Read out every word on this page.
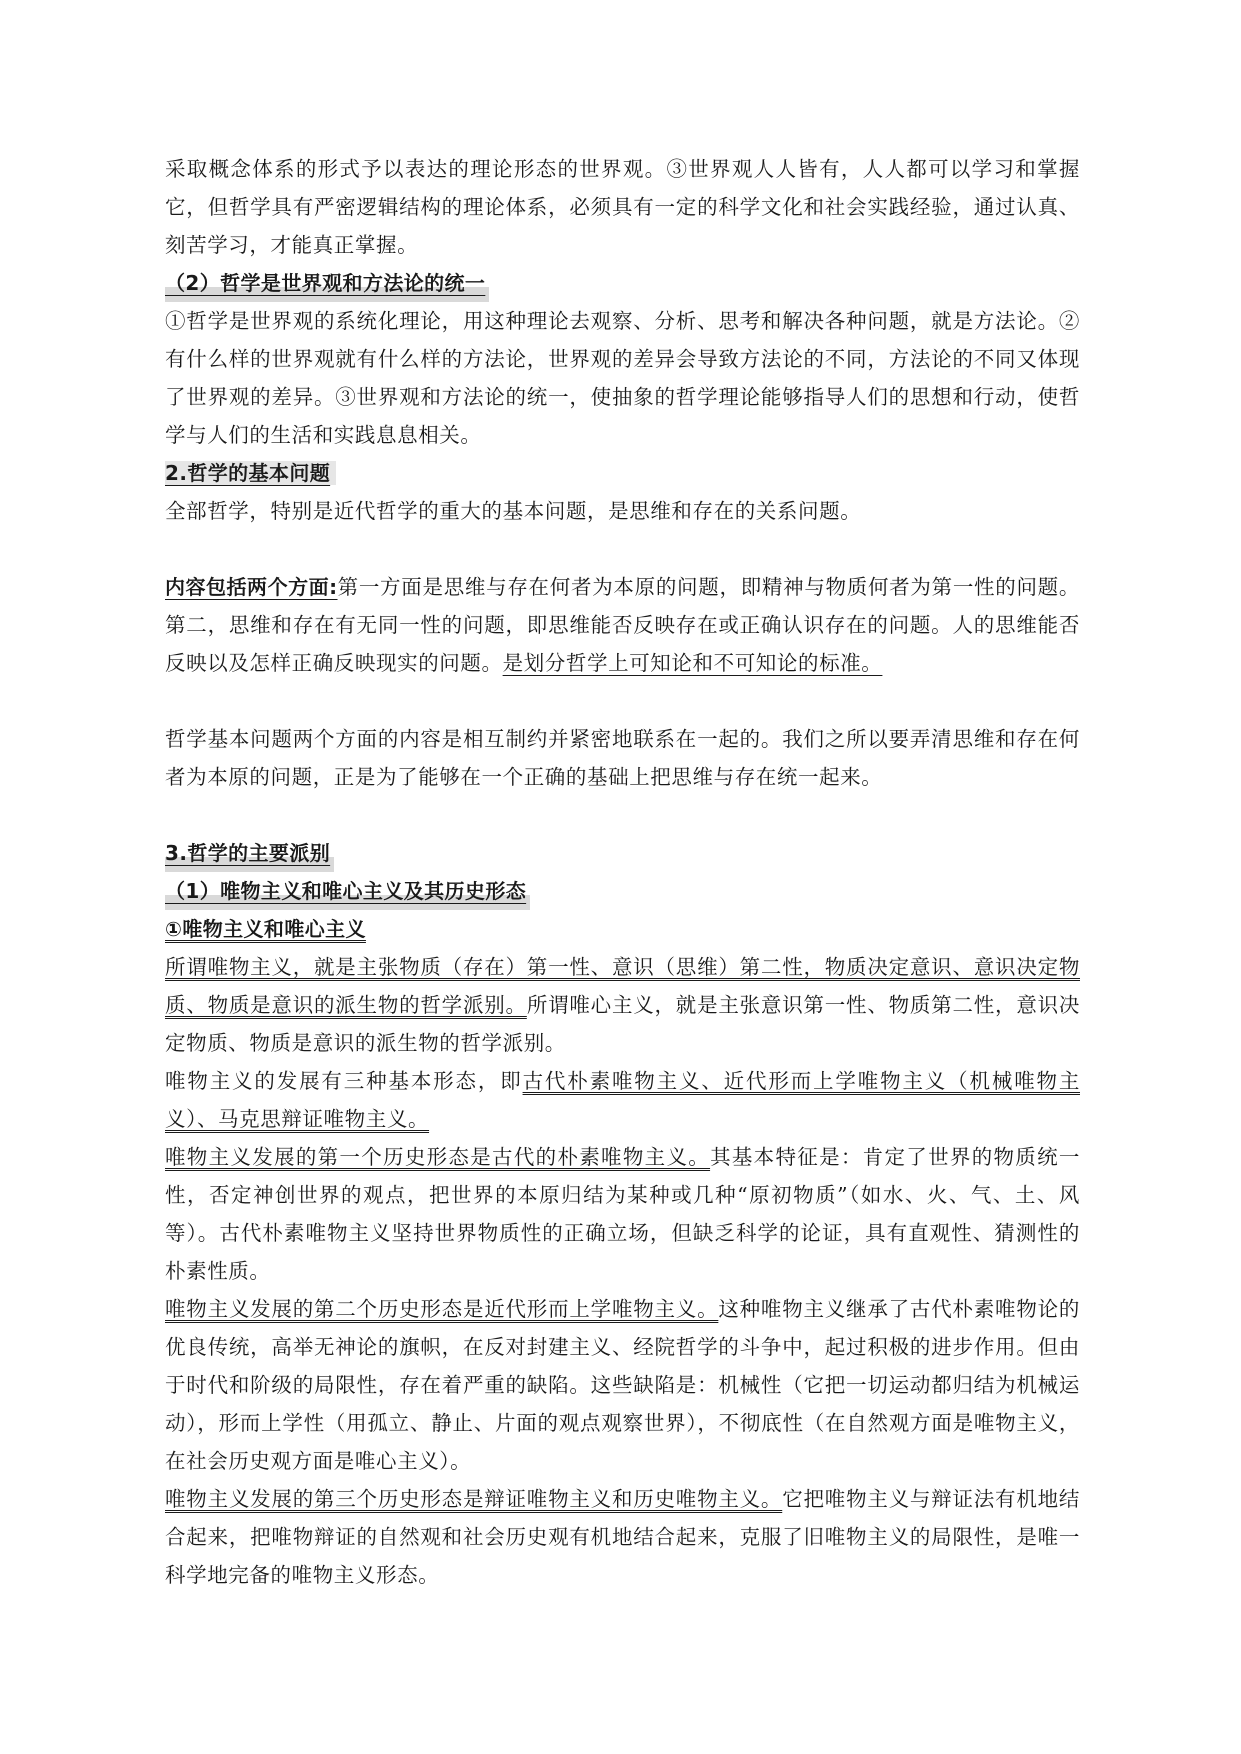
采取概念体系的形式予以表达的理论形态的世界观。③世界观人人皆有，人人都可以学习和掌握它，但哲学具有严密逻辑结构的理论体系，必须具有一定的科学文化和社会实践经验，通过认真、刻苦学习，才能真正掌握。

（2）哲学是世界观和方法论的统一

①哲学是世界观的系统化理论，用这种理论去观察、分析、思考和解决各种问题，就是方法论。②有什么样的世界观就有什么样的方法论，世界观的差异会导致方法论的不同，方法论的不同又体现了世界观的差异。③世界观和方法论的统一，使抽象的哲学理论能够指导人们的思想和行动，使哲学与人们的生活和实践息息相关。

2.哲学的基本问题

全部哲学，特别是近代哲学的重大的基本问题，是思维和存在的关系问题。

内容包括两个方面:第一方面是思维与存在何者为本原的问题，即精神与物质何者为第一性的问题。第二，思维和存在有无同一性的问题，即思维能否反映存在或正确认识存在的问题。人的思维能否反映以及怎样正确反映现实的问题。是划分哲学上可知论和不可知论的标准。

哲学基本问题两个方面的内容是相互制约并紧密地联系在一起的。我们之所以要弄清思维和存在何者为本原的问题，正是为了能够在一个正确的基础上把思维与存在统一起来。

3.哲学的主要派别

（1）唯物主义和唯心主义及其历史形态

①唯物主义和唯心主义

所谓唯物主义，就是主张物质（存在）第一性、意识（思维）第二性，物质决定意识、意识决定物质、物质是意识的派生物的哲学派别。所谓唯心主义，就是主张意识第一性、物质第二性，意识决定物质、物质是意识的派生物的哲学派别。

唯物主义的发展有三种基本形态，即古代朴素唯物主义、近代形而上学唯物主义（机械唯物主义）、马克思辩证唯物主义。

唯物主义发展的第一个历史形态是古代的朴素唯物主义。其基本特征是：肯定了世界的物质统一性，否定神创世界的观点，把世界的本原归结为某种或几种“原初物质”（如水、火、气、土、风等）。古代朴素唯物主义坚持世界物质性的正确立场，但缺乏科学的论证，具有直观性、猜测性的朴素性质。

唯物主义发展的第二个历史形态是近代形而上学唯物主义。这种唯物主义继承了古代朴素唯物论的优良传统，高举无神论的旗帜，在反对封建主义、经院哲学的斗争中，起过积极的进步作用。但由于时代和阶级的局限性，存在着严重的缺陷。这些缺陷是：机械性（它把一切运动都归结为机械运动），形而上学性（用孤立、静止、片面的观点观察世界），不彻底性（在自然观方面是唯物主义，在社会历史观方面是唯心主义）。

唯物主义发展的第三个历史形态是辩证唯物主义和历史唯物主义。它把唯物主义与辩证法有机地结合起来，把唯物辩证的自然观和社会历史观有机地结合起来，克服了旧唯物主义的局限性，是唯一科学地完备的唯物主义形态。
